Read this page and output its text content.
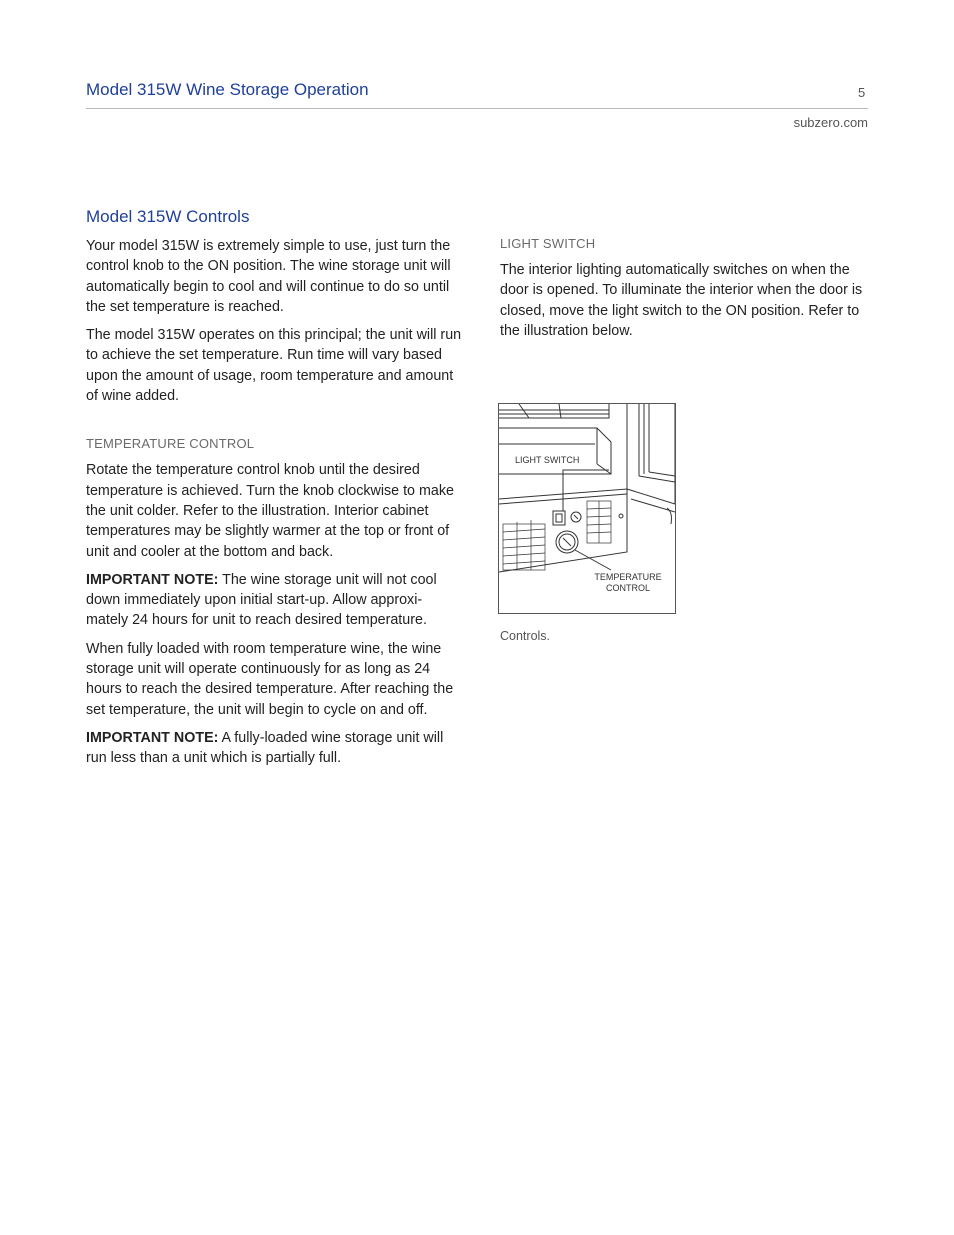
Model 315W Wine Storage Operation	5
subzero.com
Model 315W Controls

Your model 315W is extremely simple to use, just turn the control knob to the ON position. The wine storage unit will automatically begin to cool and will continue to do so until the set temperature is reached.

The model 315W operates on this principal; the unit will run to achieve the set temperature. Run time will vary based upon the amount of usage, room temperature and amount of wine added.

TEMPERATURE CONTROL

Rotate the temperature control knob until the desired temperature is achieved. Turn the knob clockwise to make the unit colder. Refer to the illustration. Interior cabinet temperatures may be slightly warmer at the top or front of unit and cooler at the bottom and back.

IMPORTANT NOTE: The wine storage unit will not cool down immediately upon initial start-up. Allow approxi-mately 24 hours for unit to reach desired temperature.

When fully loaded with room temperature wine, the wine storage unit will operate continuously for as long as 24 hours to reach the desired temperature. After reaching the set temperature, the unit will begin to cycle on and off.

IMPORTANT NOTE: A fully-loaded wine storage unit will run less than a unit which is partially full.

LIGHT SWITCH

The interior lighting automatically switches on when the door is opened. To illuminate the interior when the door is closed, move the light switch to the ON position. Refer to the illustration below.

LIGHT SWITCH
TEMPERATURE
CONTROL
Controls.
